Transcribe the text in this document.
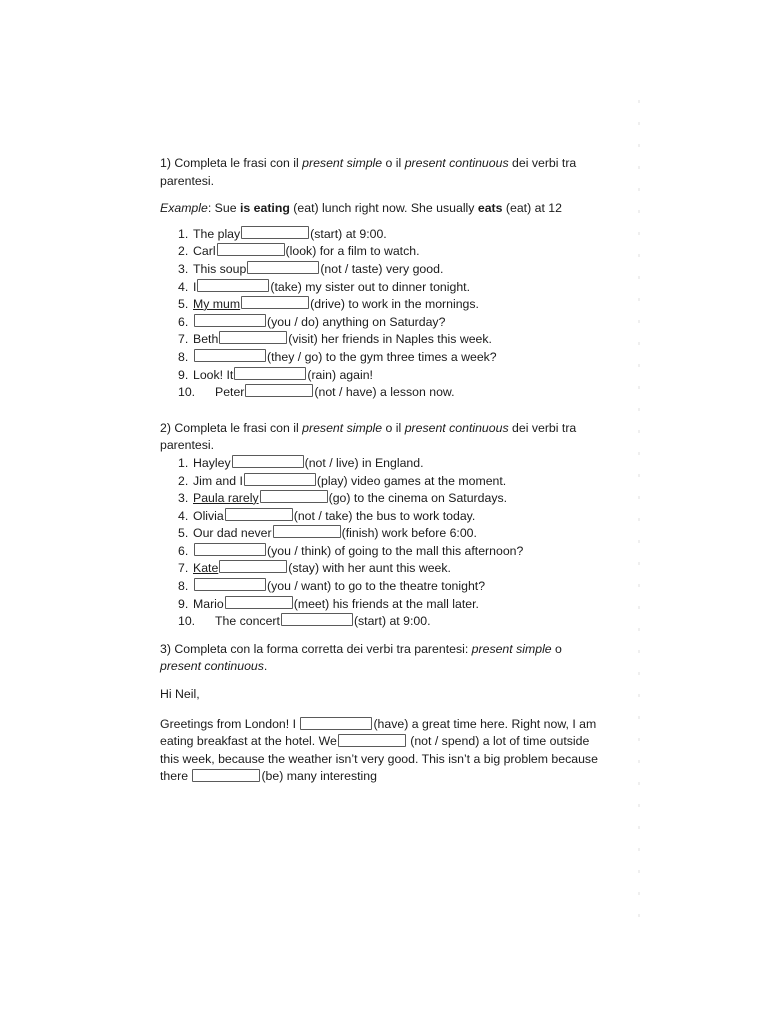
1) Completa le frasi con il present simple o il present continuous dei verbi tra parentesi.

Example: Sue is eating (eat) lunch right now. She usually eats (eat) at 12

1. The play	(start) at 9:00.
2. Carl	(look) for a film to watch.
3. This soup	(not / taste) very good.
4. I	(take) my sister out to dinner tonight.
5. My mum	(drive) to work in the mornings.
6.	(you / do) anything on Saturday?
7. Beth	(visit) her friends in Naples this week.
8.	(they / go) to the gym three times a week?
9. Look! It	(rain) again!
10.	Peter	(not / have) a lesson now.

2) Completa le frasi con il present simple o il present continuous dei verbi tra parentesi.

1. Hayley	(not / live) in England.
2. Jim and I	(play) video games at the moment.
3. Paula rarely	(go) to the cinema on Saturdays.
4. Olivia	(not / take) the bus to work today.
5. Our dad never	(finish) work before 6:00.
6.	(you / think) of going to the mall this afternoon?
7. Kate	(stay) with her aunt this week.
8.	(you / want) to go to the theatre tonight?
9. Mario	(meet) his friends at the mall later.
10.	The concert	(start) at 9:00.

3) Completa con la forma corretta dei verbi tra parentesi: present simple o present continuous.

Hi Neil,

Greetings from London! I	(have) a great time here. Right now, I am eating breakfast at the hotel. We	(not / spend) a lot of time outside this week, because the weather isn’t very good. This isn’t a big problem because there	(be) many interesting
